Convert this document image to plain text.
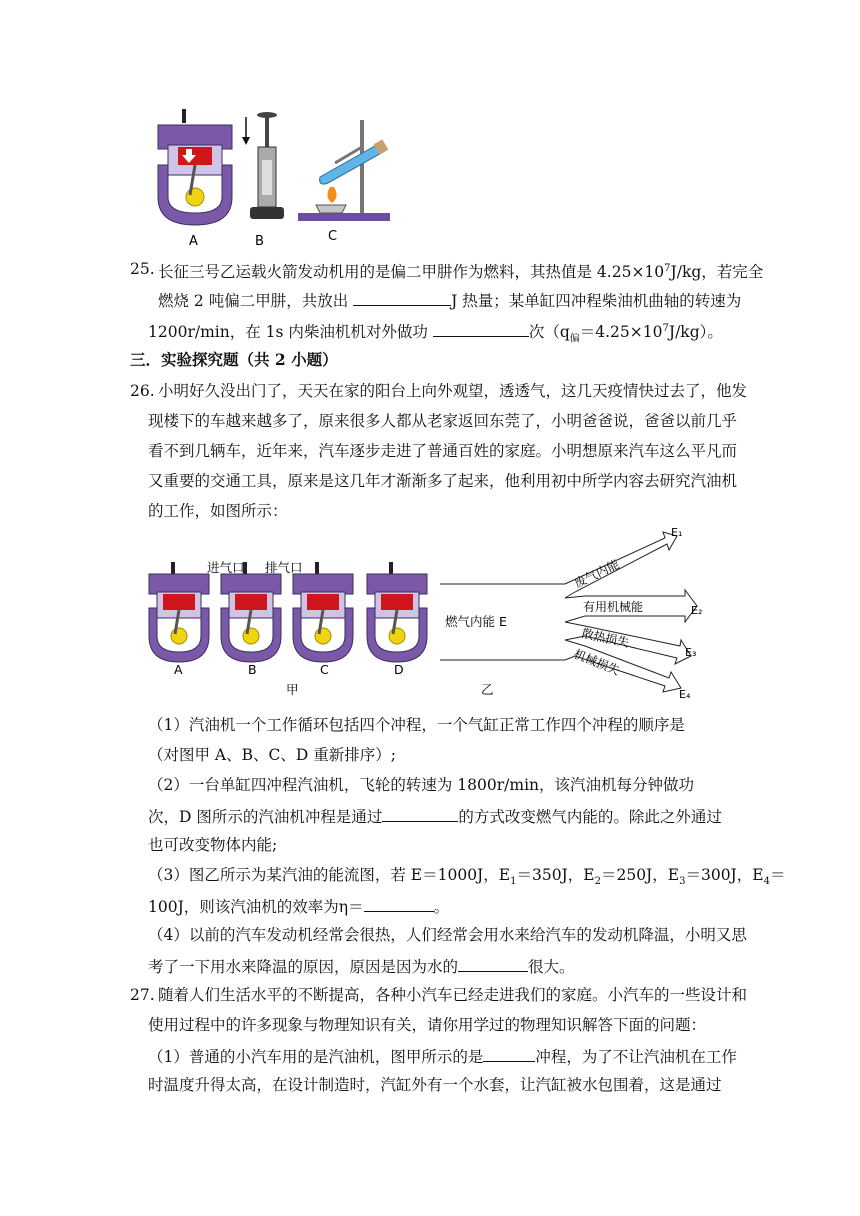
A	B	C
25. 长征三号乙运载火箭发动机用的是偏二甲肼作为燃料，其热值是 $4.25\times 10^7J/kg$，若完全
燃烧 2 吨偏二甲肼，共放出	J 热量；某单缸四冲程柴油机曲轴的转速为
1200r/min，在 1s 内柴油机机对外做功	次$(q_偏=4.25\times 10^7J/kg)$。
三．实验探究题（共 2 小题）
26. 小明好久没出门了，天天在家的阳台上向外观望，透透气，这几天疫情快过去了，他发
现楼下的车越来越多了，原来很多人都从老家返回东莞了，小明爸爸说，爸爸以前几乎
看不到几辆车，近年来，汽车逐步走进了普通百姓的家庭。小明想原来汽车这么平凡而
又重要的交通工具，原来是这几年才渐渐多了起来，他利用初中所学内容去研究汽油机
的工作，如图所示：
进气口 排气口
A	B	C	D
甲
燃气内能 E
乙
废气内能
E₁
有用机械能	E₂
散热损失
E₃
机械损失
E₄
（1）汽油机一个工作循环包括四个冲程，一个气缸正常工作四个冲程的顺序是
（对图甲 A、B、C、D 重新排序）;
（2）一台单缸四冲程汽油机，飞轮的转速为 1800r/min，该汽油机每分钟做功
次，D 图所示的汽油机冲程是通过	的方式改变燃气内能的。除此之外通过
也可改变物体内能;
（3）图乙所示为某汽油的能流图，若 E＝1000J，$E_1=350J$，$E_2=250J$，$E_3=300J$，$E_4=$
100J，则该汽油机的效率为η＝	。
（4）以前的汽车发动机经常会很热，人们经常会用水来给汽车的发动机降温，小明又思
考了一下用水来降温的原因，原因是因为水的	很大。
27. 随着人们生活水平的不断提高，各种小汽车已经走进我们的家庭。小汽车的一些设计和
使用过程中的许多现象与物理知识有关，请你用学过的物理知识解答下面的问题：
（1）普通的小汽车用的是汽油机，图甲所示的是	冲程，为了不让汽油机在工作
时温度升得太高，在设计制造时，汽缸外有一个水套，让汽缸被水包围着，这是通过
